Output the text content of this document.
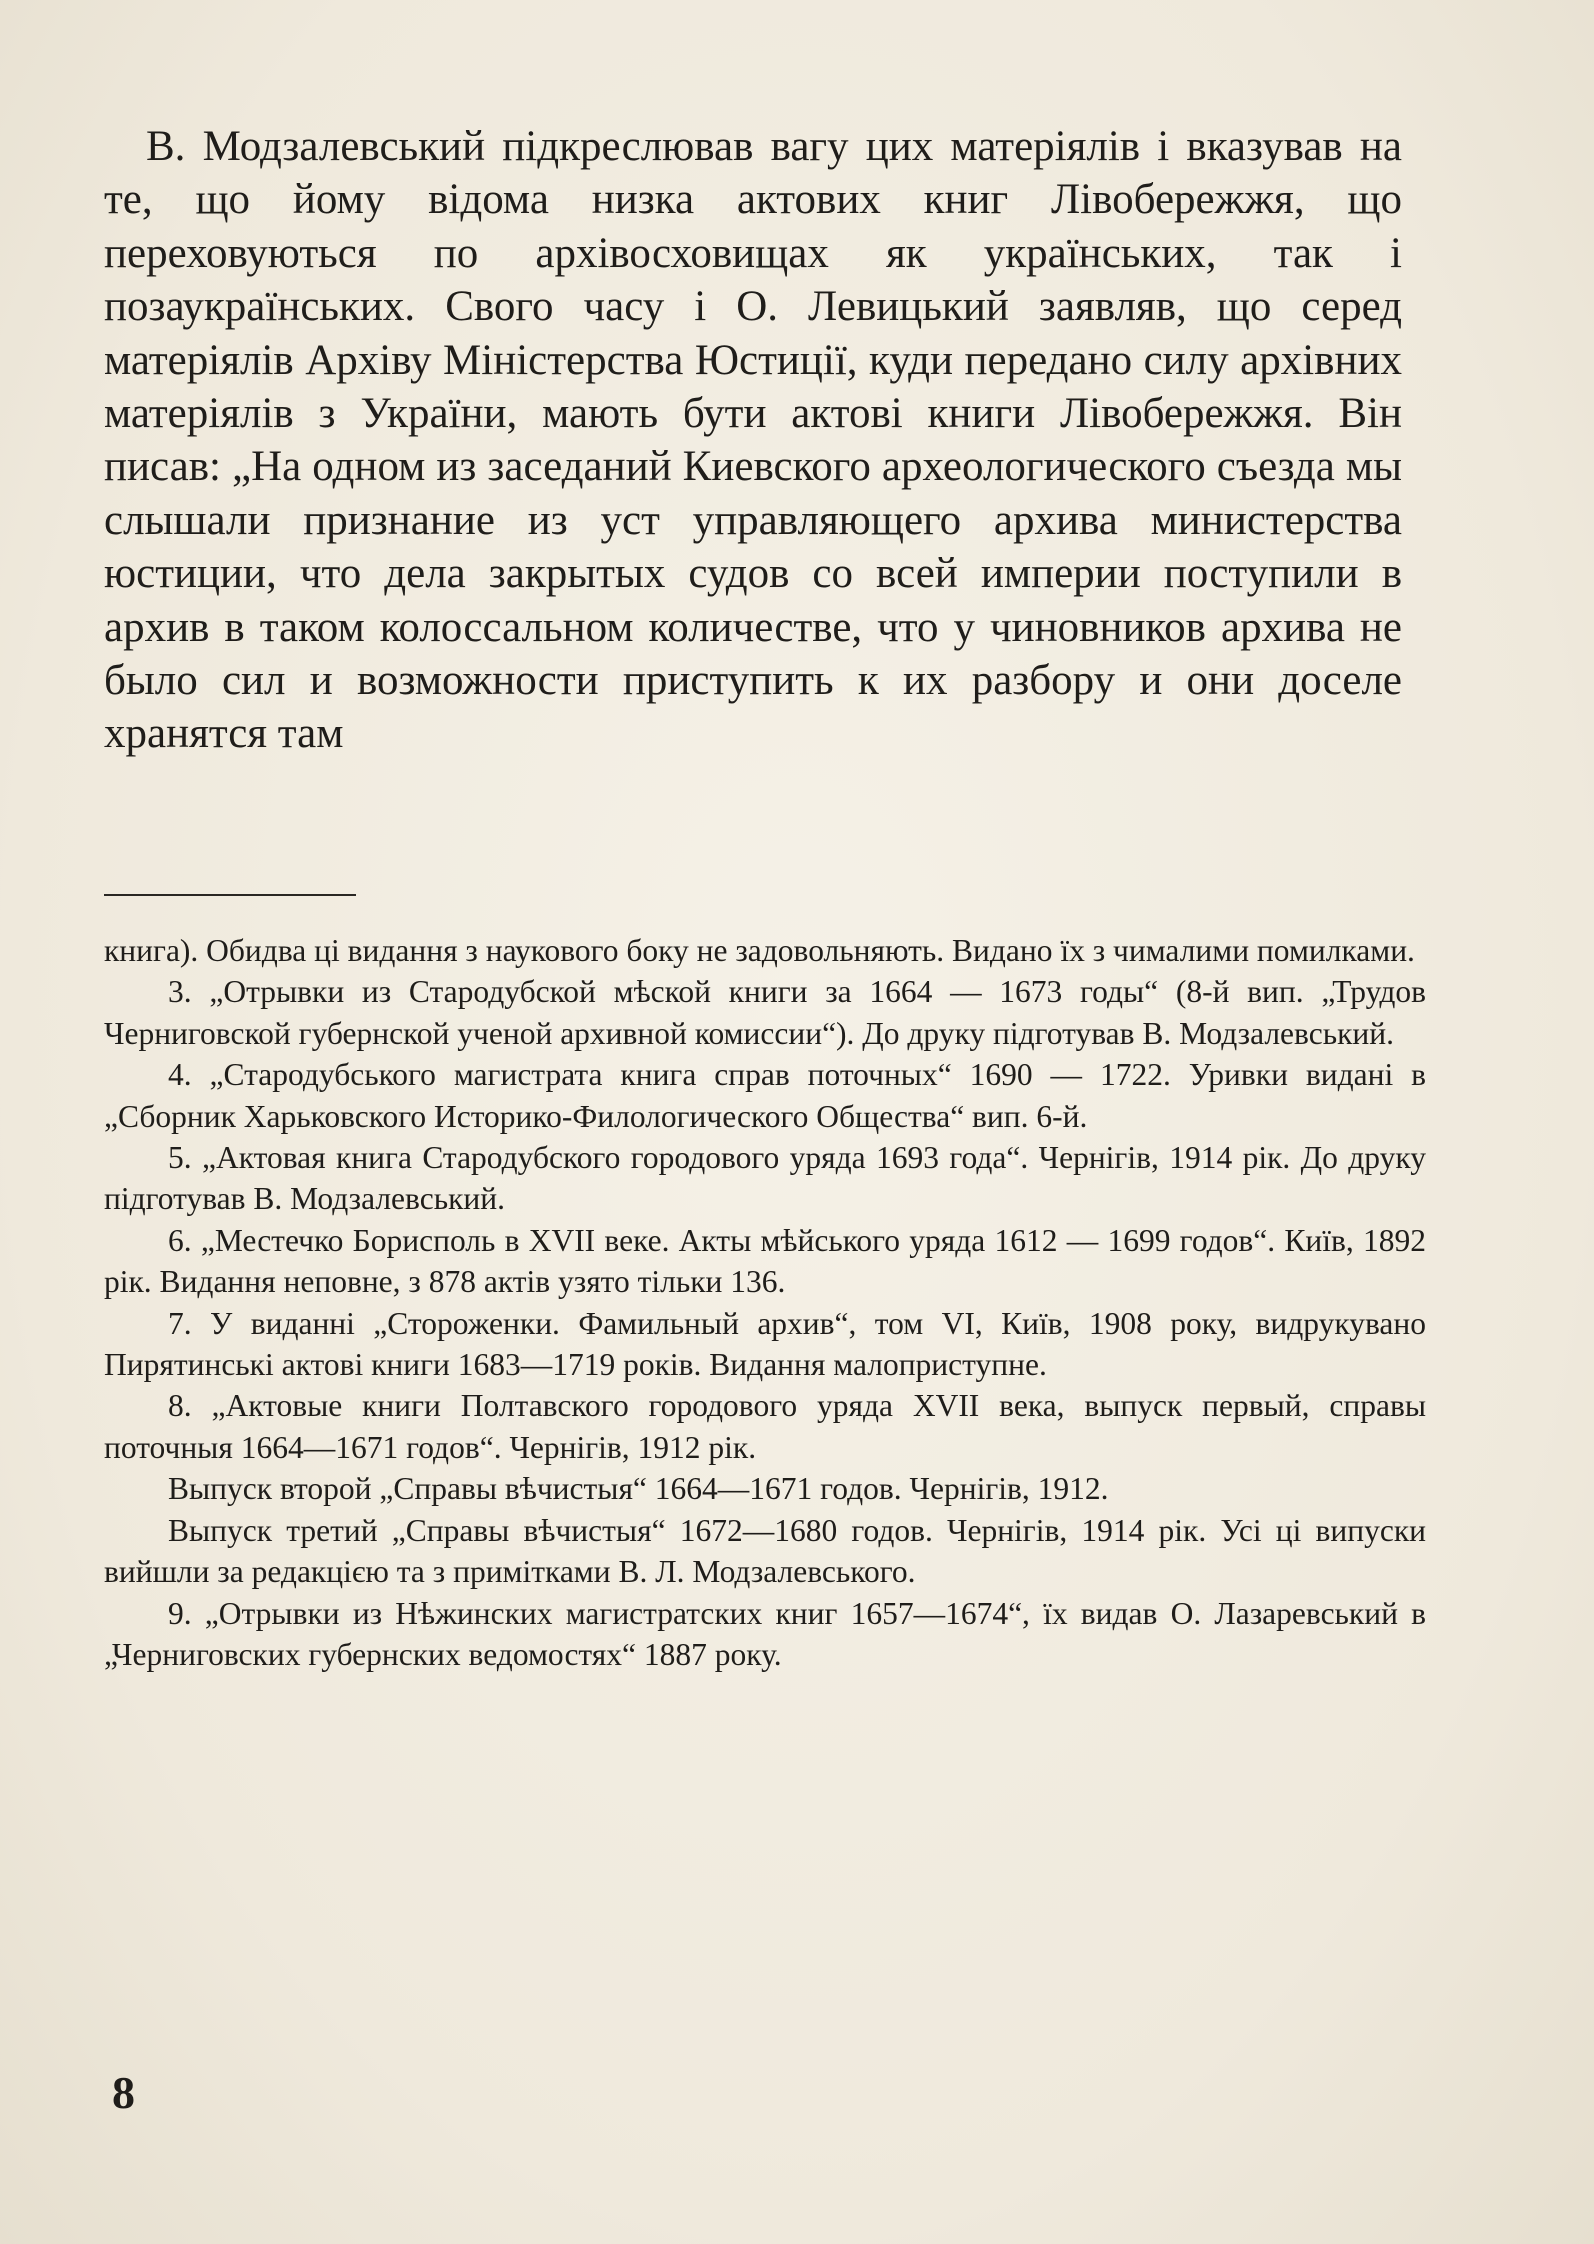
В. Модзалевський підкреслював вагу цих матеріялів і вказував на те, що йому відома низка актових книг Лівобережжя, що переховуються по архівосховищах як українських, так і позаукраїнських. Свого часу і О. Левицький заявляв, що серед матеріялів Архіву Міністерства Юстиції, куди передано силу архівних матеріялів з України, мають бути актові книги Лівобережжя. Він писав: „На одном из заседаний Киевского археологического съезда мы слышали признание из уст управляющего архива министерства юстиции, что дела закрытых судов со всей империи поступили в архив в таком колоссальном количестве, что у чиновников архива не было сил и возможности приступить к их разбору и они доселе хранятся там

книга). Обидва ці видання з наукового боку не задовольняють. Видано їх з чималими помилками.

3. „Отрывки из Стародубской мѣской книги за 1664 — 1673 годы“ (8-й вип. „Трудов Черниговской губернской ученой архивной комиссии“). До друку підготував В. Модзалевський.

4. „Стародубського магистрата книга справ поточных“ 1690 — 1722. Уривки видані в „Сборник Харьковского Историко-Филологического Общества“ вип. 6-й.

5. „Актовая книга Стародубского городового уряда 1693 года“. Чернігів, 1914 рік. До друку підготував В. Модзалевський.

6. „Местечко Борисполь в XVII веке. Акты мѣйського уряда 1612 — 1699 годов“. Київ, 1892 рік. Видання неповне, з 878 актів узято тільки 136.

7. У виданні „Стороженки. Фамильный архив“, том VI, Київ, 1908 року, видрукувано Пирятинські актові книги 1683—1719 років. Видання малоприступне.

8. „Актовые книги Полтавского городового уряда XVII века, выпуск первый, справы поточныя 1664—1671 годов“. Чернігів, 1912 рік.

Выпуск второй „Справы вѣчистыя“ 1664—1671 годов. Чернігів, 1912.

Выпуск третий „Справы вѣчистыя“ 1672—1680 годов. Чернігів, 1914 рік. Усі ці випуски вийшли за редакцією та з примітками В. Л. Модзалевського.

9. „Отрывки из Нѣжинских магистратских книг 1657—1674“, їх видав О. Лазаревський в „Черниговских губернских ведомостях“ 1887 року.

8
